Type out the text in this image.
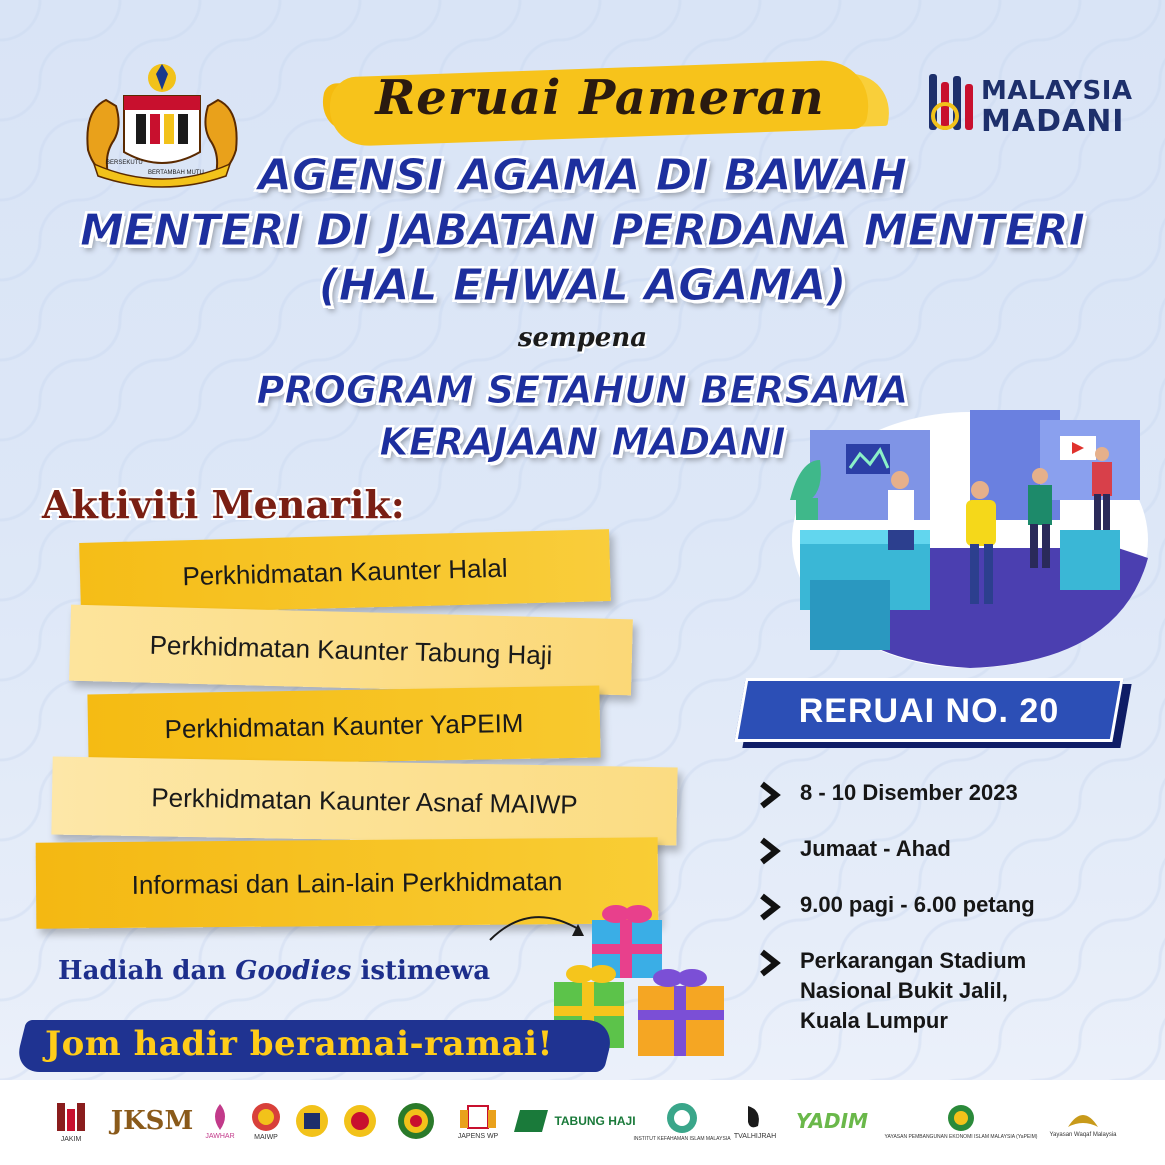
BERSEKUTU
BERTAMBAH MUTU
MALAYSIA
MADANI
Reruai Pameran
AGENSI AGAMA DI BAWAH
MENTERI DI JABATAN PERDANA MENTERI
(HAL EHWAL AGAMA)
sempena
PROGRAM SETAHUN BERSAMA
KERAJAAN MADANI
Aktiviti Menarik:
Perkhidmatan Kaunter Halal
Perkhidmatan Kaunter Tabung Haji
Perkhidmatan Kaunter YaPEIM
Perkhidmatan Kaunter Asnaf MAIWP
Informasi dan Lain-lain Perkhidmatan
Hadiah dan Goodies istimewa
Jom hadir beramai-ramai!
RERUAI NO. 20
8 - 10 Disember 2023
Jumaat - Ahad
9.00 pagi - 6.00 petang
Perkarangan Stadium
Nasional Bukit Jalil,
Kuala Lumpur
JAKIM
JKSM
JAWHAR	MAIWP	JAPENS WP
TABUNG HAJI
INSTITUT KEFAHAMAN ISLAM MALAYSIA TVALHIJRAH
YADIM
YAYASAN PEMBANGUNAN EKONOMI ISLAM MALAYSIA (YaPEIM) Yayasan Waqaf Malaysia
